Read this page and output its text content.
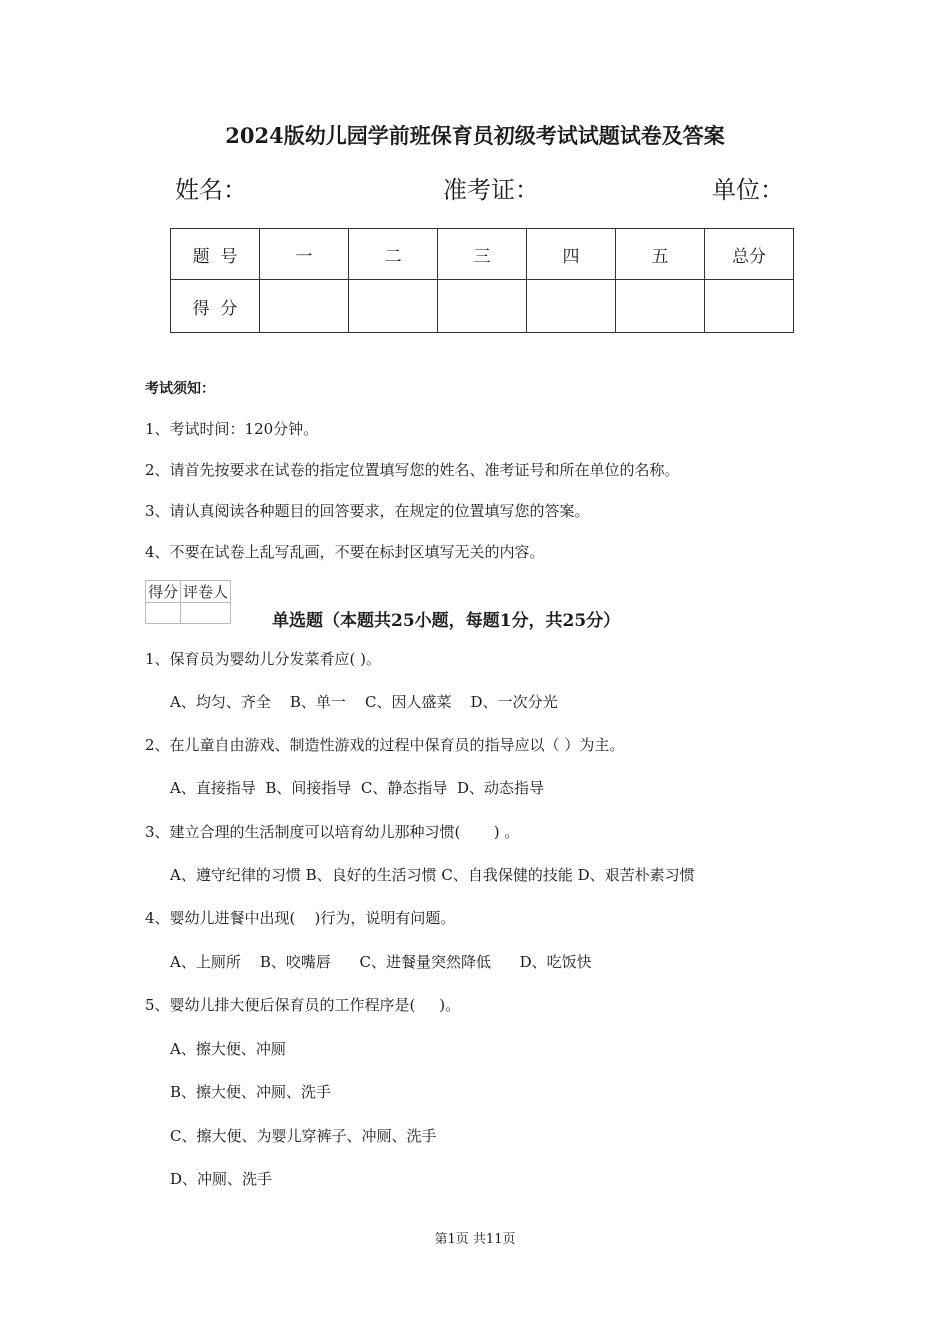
2024版幼儿园学前班保育员初级考试试题试卷及答案
姓名：	准考证：	单位：
题  号	一	二	三	四	五	总分
得  分						
考试须知：
1、考试时间：120分钟。
2、请首先按要求在试卷的指定位置填写您的姓名、准考证号和所在单位的名称。
3、请认真阅读各种题目的回答要求，在规定的位置填写您的答案。
4、不要在试卷上乱写乱画，不要在标封区填写无关的内容。
得分	评卷人

单选题（本题共25小题，每题1分，共25分）
1、保育员为婴幼儿分发菜肴应( )。
A、均匀、齐全    B、单一    C、因人盛菜    D、一次分光
2、在儿童自由游戏、制造性游戏的过程中保育员的指导应以（ ）为主。
A、直接指导  B、间接指导  C、静态指导  D、动态指导
3、建立合理的生活制度可以培育幼儿那种习惯(       ) 。
A、遵守纪律的习惯 B、良好的生活习惯 C、自我保健的技能 D、艰苦朴素习惯
4、婴幼儿进餐中出现(    )行为，说明有问题。
A、上厕所    B、咬嘴唇      C、进餐量突然降低      D、吃饭快
5、婴幼儿排大便后保育员的工作程序是(     )。
A、擦大便、冲厕
B、擦大便、冲厕、洗手
C、擦大便、为婴儿穿裤子、冲厕、洗手
D、冲厕、洗手
第1页 共11页
